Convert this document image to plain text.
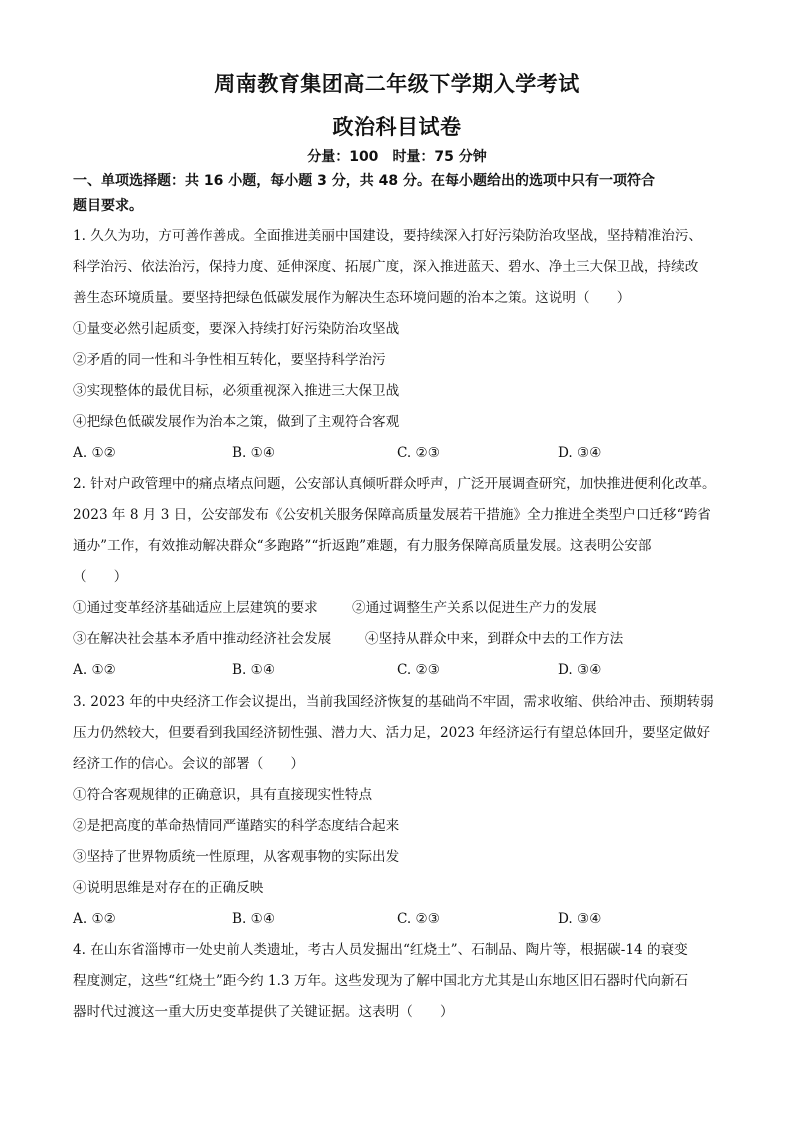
周南教育集团高二年级下学期入学考试
政治科目试卷
分量：100 时量：75 分钟
一、单项选择题：共 16 小题，每小题 3 分，共 48 分。在每小题给出的选项中只有一项符合
题目要求。
1. 久久为功，方可善作善成。全面推进美丽中国建设，要持续深入打好污染防治攻坚战，坚持精准治污、
科学治污、依法治污，保持力度、延伸深度、拓展广度，深入推进蓝天、碧水、净土三大保卫战，持续改
善生态环境质量。要坚持把绿色低碳发展作为解决生态环境问题的治本之策。这说明（　　）
①量变必然引起质变，要深入持续打好污染防治攻坚战
②矛盾的同一性和斗争性相互转化，要坚持科学治污
③实现整体的最优目标，必须重视深入推进三大保卫战
④把绿色低碳发展作为治本之策，做到了主观符合客观
A. ①②	B. ①④	C. ②③	D. ③④
2. 针对户政管理中的痛点堵点问题，公安部认真倾听群众呼声，广泛开展调查研究，加快推进便利化改革。
2023 年 8 月 3 日，公安部发布《公安机关服务保障高质量发展若干措施》全力推进全类型户口迁移“跨省
通办”工作，有效推动解决群众“多跑路”“折返跑”难题，有力服务保障高质量发展。这表明公安部
（　　）
①通过变革经济基础适应上层建筑的要求	②通过调整生产关系以促进生产力的发展
③在解决社会基本矛盾中推动经济社会发展 ④坚持从群众中来，到群众中去的工作方法
A. ①②	B. ①④	C. ②③	D. ③④
3. 2023 年的中央经济工作会议提出，当前我国经济恢复的基础尚不牢固，需求收缩、供给冲击、预期转弱
压力仍然较大，但要看到我国经济韧性强、潜力大、活力足，2023 年经济运行有望总体回升，要坚定做好
经济工作的信心。会议的部署（　　）
①符合客观规律的正确意识，具有直接现实性特点
②是把高度的革命热情同严谨踏实的科学态度结合起来
③坚持了世界物质统一性原理，从客观事物的实际出发
④说明思维是对存在的正确反映
A. ①②	B. ①④	C. ②③	D. ③④
4. 在山东省淄博市一处史前人类遗址，考古人员发掘出“红烧土”、石制品、陶片等，根据碳-14 的衰变
程度测定，这些“红烧土”距今约 1.3 万年。这些发现为了解中国北方尤其是山东地区旧石器时代向新石
器时代过渡这一重大历史变革提供了关键证据。这表明（　　）
